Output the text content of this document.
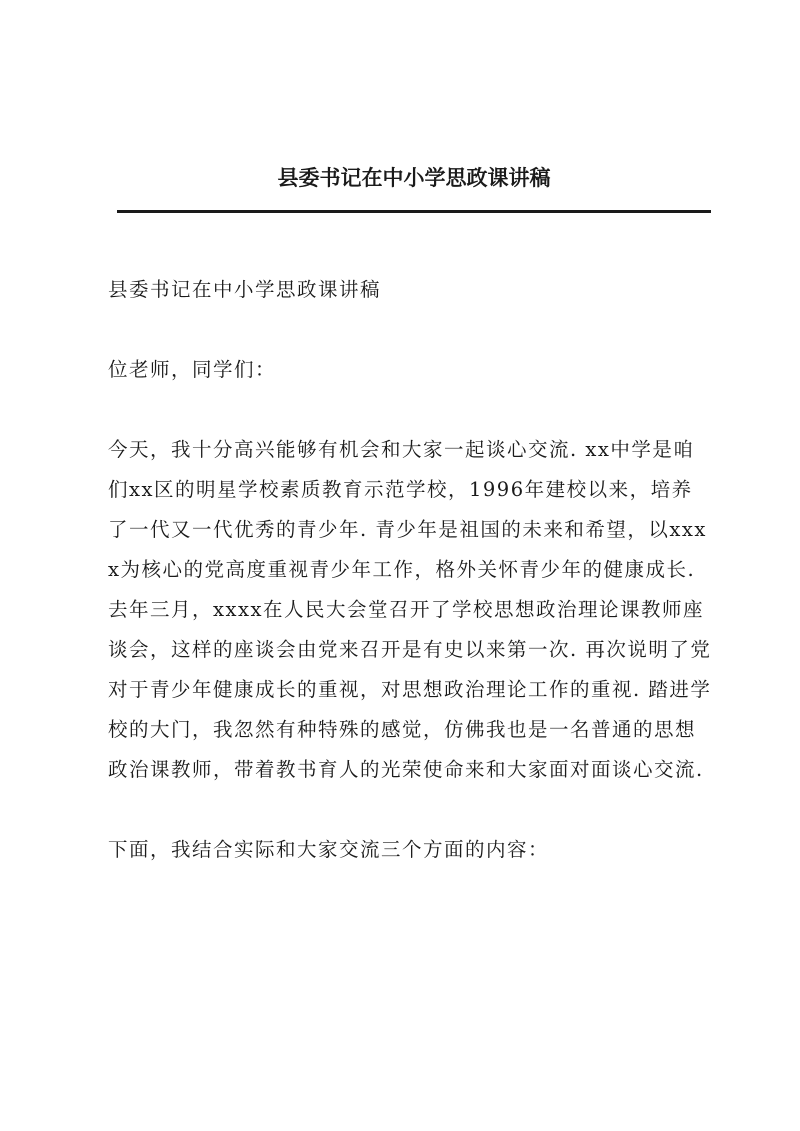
县委书记在中小学思政课讲稿

县委书记在中小学思政课讲稿

位老师，同学们：

今天，我十分高兴能够有机会和大家一起谈心交流. xx中学是咱们xx区的明星学校素质教育示范学校，1996年建校以来，培养了一代又一代优秀的青少年. 青少年是祖国的未来和希望，以xxxx为核心的党高度重视青少年工作，格外关怀青少年的健康成长. 去年三月，xxxx在人民大会堂召开了学校思想政治理论课教师座谈会，这样的座谈会由党来召开是有史以来第一次. 再次说明了党对于青少年健康成长的重视，对思想政治理论工作的重视. 踏进学校的大门，我忽然有种特殊的感觉，仿佛我也是一名普通的思想政治课教师，带着教书育人的光荣使命来和大家面对面谈心交流.

下面，我结合实际和大家交流三个方面的内容：
